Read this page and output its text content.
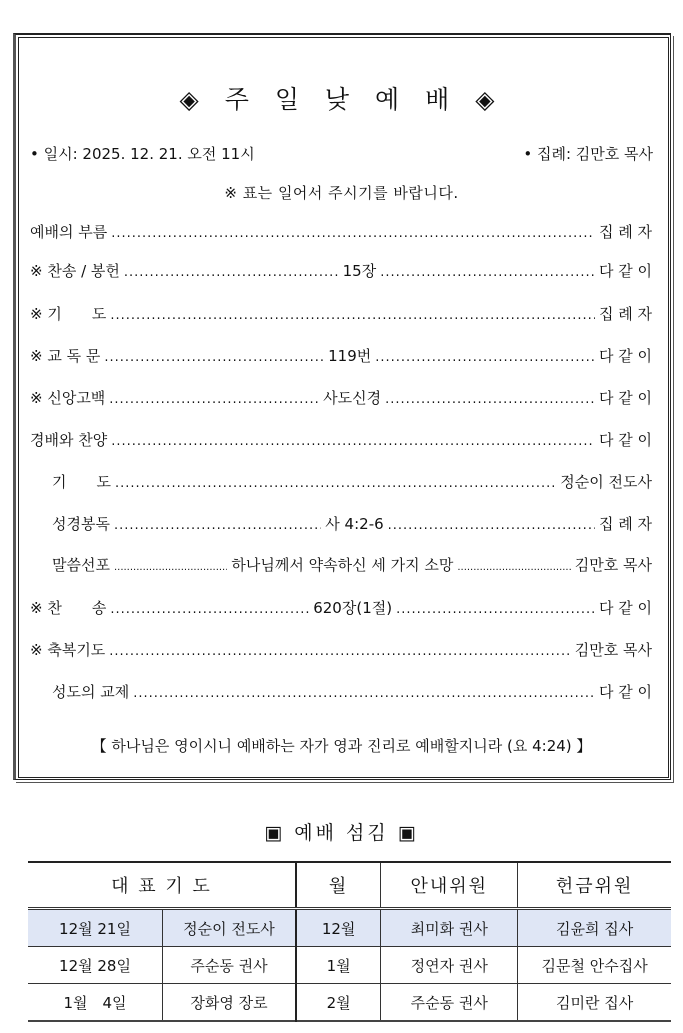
◈ 주 일 낮 예 배 ◈
• 일시: 2025. 12. 21. 오전 11시	• 집례: 김만호 목사
※ 표는 일어서 주시기를 바랍니다.
예배의 부름 .....	집 례 자
※ 찬송 / 봉헌 .....	15장 .....	다 같 이
※ 기　　도 .....	집 례 자
※ 교 독 문 .....	119번 .....	다 같 이
※ 신앙고백 .....	사도신경 .....	다 같 이
경배와 찬양 .....	다 같 이
기　　도 .....	정순이 전도사
성경봉독 .....	사 4:2-6 .....	집 례 자
말씀선포 .....	하나님께서 약속하신 세 가지 소망 .....	김만호 목사
※ 찬　　송 .....	620장(1절) .....	다 같 이
※ 축복기도 .....	김만호 목사
성도의 교제 .....	다 같 이
【 하나님은 영이시니 예배하는 자가 영과 진리로 예배할지니라 (요 4:24) 】
▣ 예배 섬김 ▣
대 표 기 도		월	안내위원	헌금위원
12월 21일	정순이 전도사	12월	최미화 권사	김윤희 집사
12월 28일	주순동 권사	1월	정연자 권사	김문철 안수집사
1월　4일	장화영 장로	2월	주순동 권사	김미란 집사
